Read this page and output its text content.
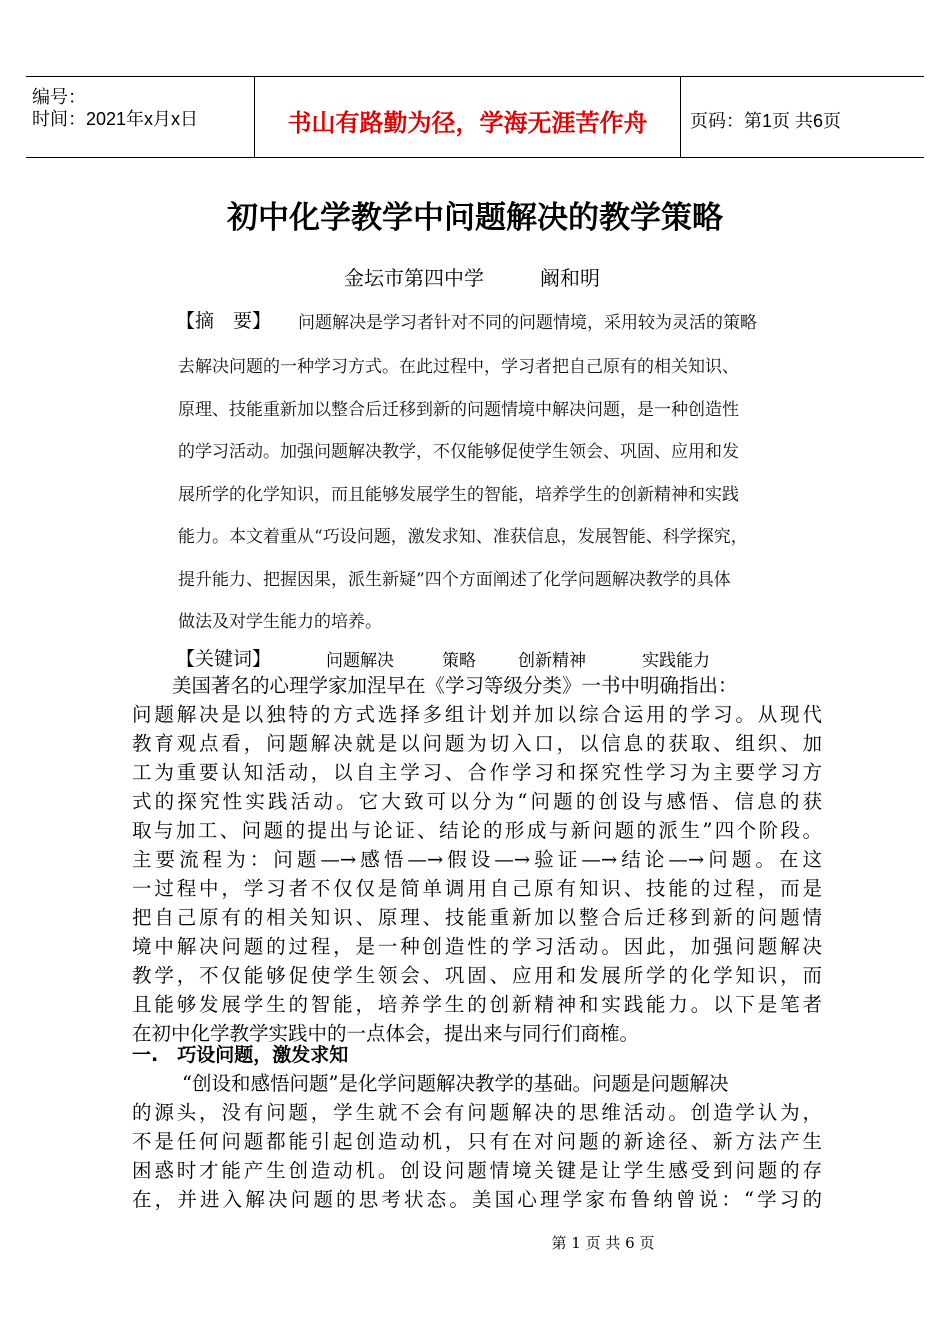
编号：
时间：2021年x月x日	书山有路勤为径，学海无涯苦作舟	页码：第1页 共6页
初中化学教学中问题解决的教学策略
金坛市第四中学	阚和明
【摘　要】 问题解决是学习者针对不同的问题情境，采用较为灵活的策略
去解决问题的一种学习方式。在此过程中，学习者把自己原有的相关知识、
原理、技能重新加以整合后迁移到新的问题情境中解决问题，是一种创造性
的学习活动。加强问题解决教学，不仅能够促使学生领会、巩固、应用和发
展所学的化学知识，而且能够发展学生的智能，培养学生的创新精神和实践
能力。本文着重从“巧设问题，激发求知、准获信息，发展智能、科学探究，
提升能力、把握因果，派生新疑”四个方面阐述了化学问题解决教学的具体
做法及对学生能力的培养。
【关键词】	问题解决	策略 创新精神	实践能力
美国著名的心理学家加涅早在《学习等级分类》一书中明确指出：
问题解决是以独特的方式选择多组计划并加以综合运用的学习。从现代
教育观点看，问题解决就是以问题为切入口，以信息的获取、组织、加
工为重要认知活动，以自主学习、合作学习和探究性学习为主要学习方
式的探究性实践活动。它大致可以分为“问题的创设与感悟、信息的获
取与加工、问题的提出与论证、结论的形成与新问题的派生”四个阶段。
主要流程为：问题—→感悟—→假设—→验证—→结论—→问题。在这
一过程中，学习者不仅仅是简单调用自己原有知识、技能的过程，而是
把自己原有的相关知识、原理、技能重新加以整合后迁移到新的问题情
境中解决问题的过程，是一种创造性的学习活动。因此，加强问题解决
教学，不仅能够促使学生领会、巩固、应用和发展所学的化学知识，而
且能够发展学生的智能，培养学生的创新精神和实践能力。以下是笔者
在初中化学教学实践中的一点体会，提出来与同行们商榷。
一.　巧设问题，激发求知
“创设和感悟问题”是化学问题解决教学的基础。问题是问题解决
的源头，没有问题，学生就不会有问题解决的思维活动。创造学认为，
不是任何问题都能引起创造动机，只有在对问题的新途径、新方法产生
困惑时才能产生创造动机。创设问题情境关键是让学生感受到问题的存
在，并进入解决问题的思考状态。美国心理学家布鲁纳曾说：“学习的
第 1 页 共 6 页
